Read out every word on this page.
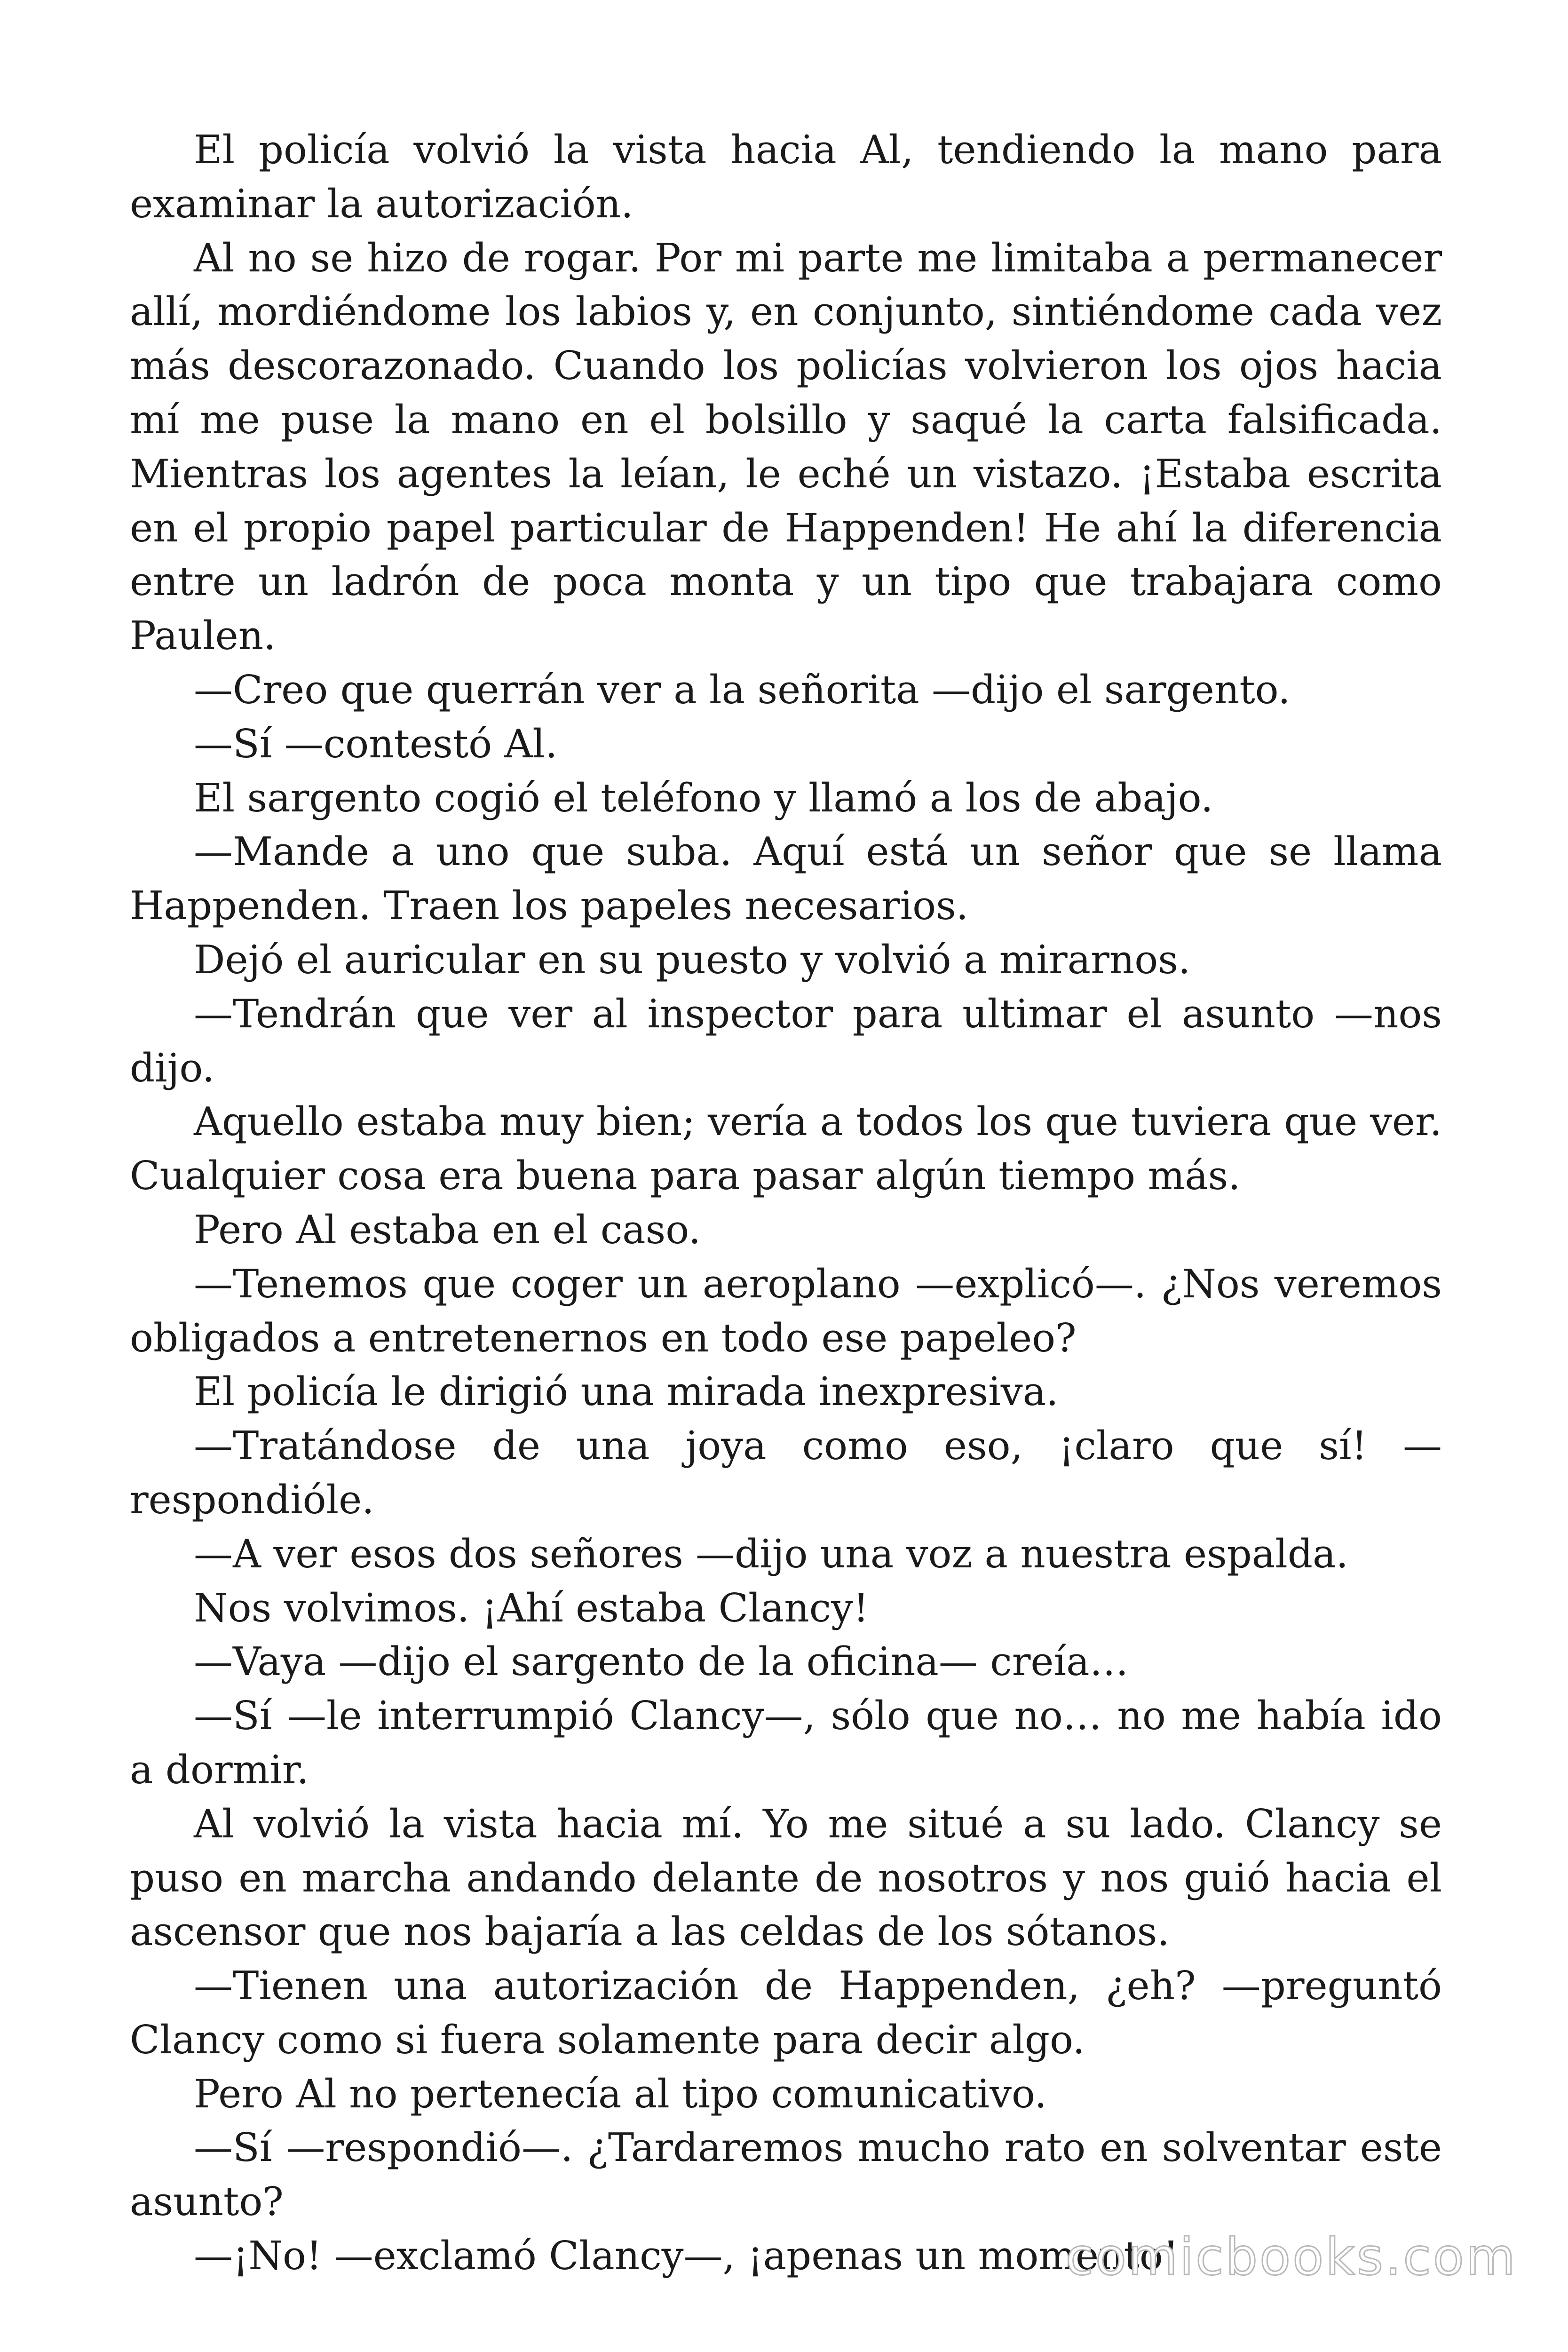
El policía volvió la vista hacia Al, tendiendo la mano para examinar la autorización.

Al no se hizo de rogar. Por mi parte me limitaba a permanecer allí, mordiéndome los labios y, en conjunto, sintiéndome cada vez más descorazonado. Cuando los policías volvieron los ojos hacia mí me puse la mano en el bolsillo y saqué la carta falsificada. Mientras los agentes la leían, le eché un vistazo. ¡Estaba escrita en el propio papel particular de Happenden! He ahí la diferencia entre un ladrón de poca monta y un tipo que trabajara como Paulen.

—Creo que querrán ver a la señorita —dijo el sargento.

—Sí —contestó Al.

El sargento cogió el teléfono y llamó a los de abajo.

—Mande a uno que suba. Aquí está un señor que se llama Happenden. Traen los papeles necesarios.

Dejó el auricular en su puesto y volvió a mirarnos.

—Tendrán que ver al inspector para ultimar el asunto —nos dijo.

Aquello estaba muy bien; vería a todos los que tuviera que ver. Cualquier cosa era buena para pasar algún tiempo más.

Pero Al estaba en el caso.

—Tenemos que coger un aeroplano —explicó—. ¿Nos veremos obligados a entretenernos en todo ese papeleo?

El policía le dirigió una mirada inexpresiva.

—Tratándose de una joya como eso, ¡claro que sí! —respondióle.

—A ver esos dos señores —dijo una voz a nuestra espalda.

Nos volvimos. ¡Ahí estaba Clancy!

—Vaya —dijo el sargento de la oficina— creía…

—Sí —le interrumpió Clancy—, sólo que no… no me había ido a dormir.

Al volvió la vista hacia mí. Yo me situé a su lado. Clancy se puso en marcha andando delante de nosotros y nos guió hacia el ascensor que nos bajaría a las celdas de los sótanos.

—Tienen una autorización de Happenden, ¿eh? —preguntó Clancy como si fuera solamente para decir algo.

Pero Al no pertenecía al tipo comunicativo.

—Sí —respondió—. ¿Tardaremos mucho rato en solventar este asunto?

—¡No! —exclamó Clancy—, ¡apenas un momento!

comicbooks.com
